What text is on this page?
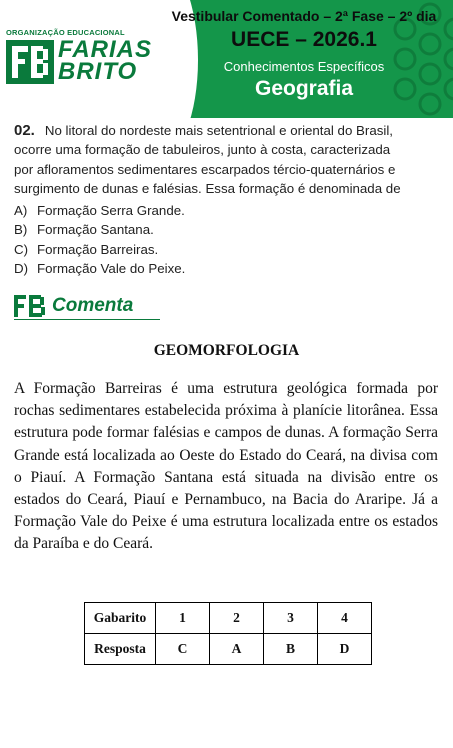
Vestibular Comentado – 2ª Fase – 2º dia
UECE – 2026.1
Conhecimentos Específicos
Geografia
ORGANIZAÇÃO EDUCACIONAL
FARIAS
BRITO
02. No litoral do nordeste mais setentrional e oriental do Brasil,
ocorre uma formação de tabuleiros, junto à costa, caracterizada
por afloramentos sedimentares escarpados tércio-quaternários e
surgimento de dunas e falésias. Essa formação é denominada de
A) Formação Serra Grande.
B) Formação Santana.
C) Formação Barreiras.
D) Formação Vale do Peixe.
Comenta
GEOMORFOLOGIA
A Formação Barreiras é uma estrutura geológica formada por rochas sedimentares estabelecida próxima à planície litorânea. Essa estrutura pode formar falésias e campos de dunas. A formação Serra Grande está localizada ao Oeste do Estado do Ceará, na divisa com o Piauí. A Formação Santana está situada na divisão entre os estados do Ceará, Piauí e Pernambuco, na Bacia do Araripe. Já a Formação Vale do Peixe é uma estrutura localizada entre os estados da Paraíba e do Ceará.
Gabarito	1	2	3	4
Resposta	C	A	B	D
